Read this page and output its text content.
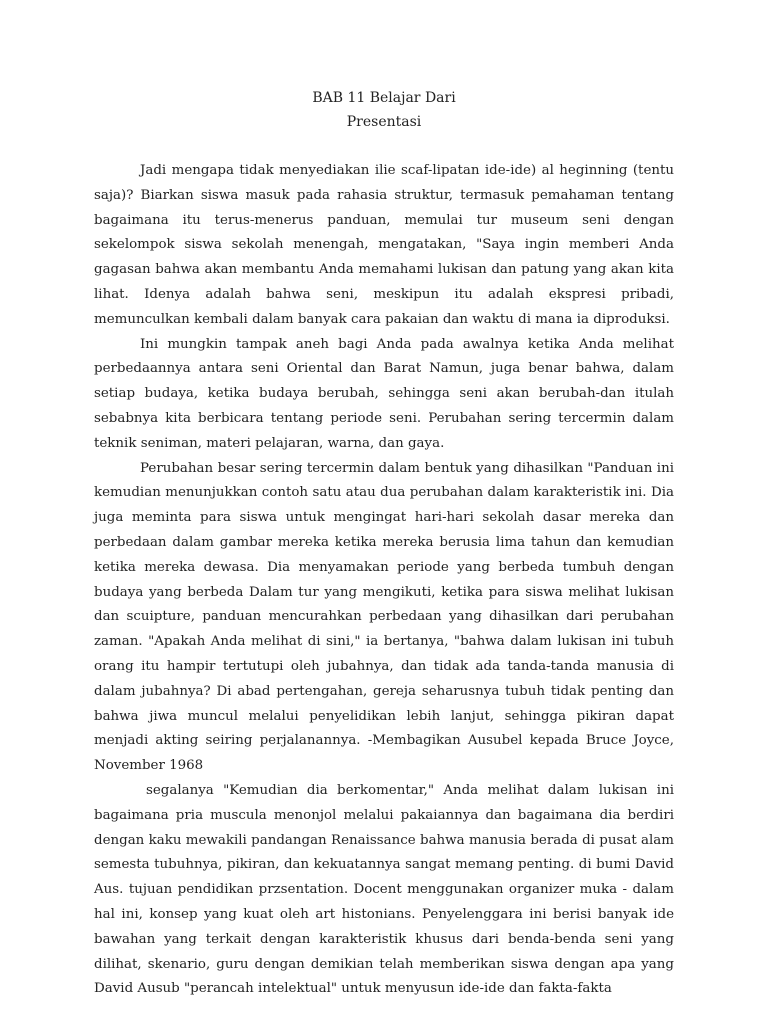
BAB 11 Belajar Dari
Presentasi

Jadi mengapa tidak menyediakan ilie scaf-lipatan ide-ide) al heginning (tentu saja)? Biarkan siswa masuk pada rahasia struktur, termasuk pemahaman tentang bagaimana itu terus-menerus panduan, memulai tur museum seni dengan sekelompok siswa sekolah menengah, mengatakan, "Saya ingin memberi Anda gagasan bahwa akan membantu Anda memahami lukisan dan patung yang akan kita lihat. Idenya adalah bahwa seni, meskipun itu adalah ekspresi pribadi, memunculkan kembali dalam banyak cara pakaian dan waktu di mana ia diproduksi.

Ini mungkin tampak aneh bagi Anda pada awalnya ketika Anda melihat perbedaannya antara seni Oriental dan Barat Namun, juga benar bahwa, dalam setiap budaya, ketika budaya berubah, sehingga seni akan berubah-dan itulah sebabnya kita berbicara tentang periode seni. Perubahan sering tercermin dalam teknik seniman, materi pelajaran, warna, dan gaya.

Perubahan besar sering tercermin dalam bentuk yang dihasilkan "Panduan ini kemudian menunjukkan contoh satu atau dua perubahan dalam karakteristik ini. Dia juga meminta para siswa untuk mengingat hari-hari sekolah dasar mereka dan perbedaan dalam gambar mereka ketika mereka berusia lima tahun dan kemudian ketika mereka dewasa. Dia menyamakan periode yang berbeda tumbuh dengan budaya yang berbeda Dalam tur yang mengikuti, ketika para siswa melihat lukisan dan scuipture, panduan mencurahkan perbedaan yang dihasilkan dari perubahan zaman. "Apakah Anda melihat di sini," ia bertanya, "bahwa dalam lukisan ini tubuh orang itu hampir tertutupi oleh jubahnya, dan tidak ada tanda-tanda manusia di dalam jubahnya? Di abad pertengahan, gereja seharusnya tubuh tidak penting dan bahwa jiwa muncul melalui penyelidikan lebih lanjut, sehingga pikiran dapat menjadi akting seiring perjalanannya. -Membagikan Ausubel kepada Bruce Joyce, November 1968

segalanya "Kemudian dia berkomentar," Anda melihat dalam lukisan ini bagaimana pria muscula menonjol melalui pakaiannya dan bagaimana dia berdiri dengan kaku mewakili pandangan Renaissance bahwa manusia berada di pusat alam semesta tubuhnya, pikiran, dan kekuatannya sangat memang penting. di bumi David Aus. tujuan pendidikan przsentation. Docent menggunakan organizer muka - dalam hal ini, konsep yang kuat oleh art histonians. Penyelenggara ini berisi banyak ide bawahan yang terkait dengan karakteristik khusus dari benda-benda seni yang dilihat, skenario, guru dengan demikian telah memberikan siswa dengan apa yang David Ausub "perancah intelektual" untuk menyusun ide-ide dan fakta-fakta
